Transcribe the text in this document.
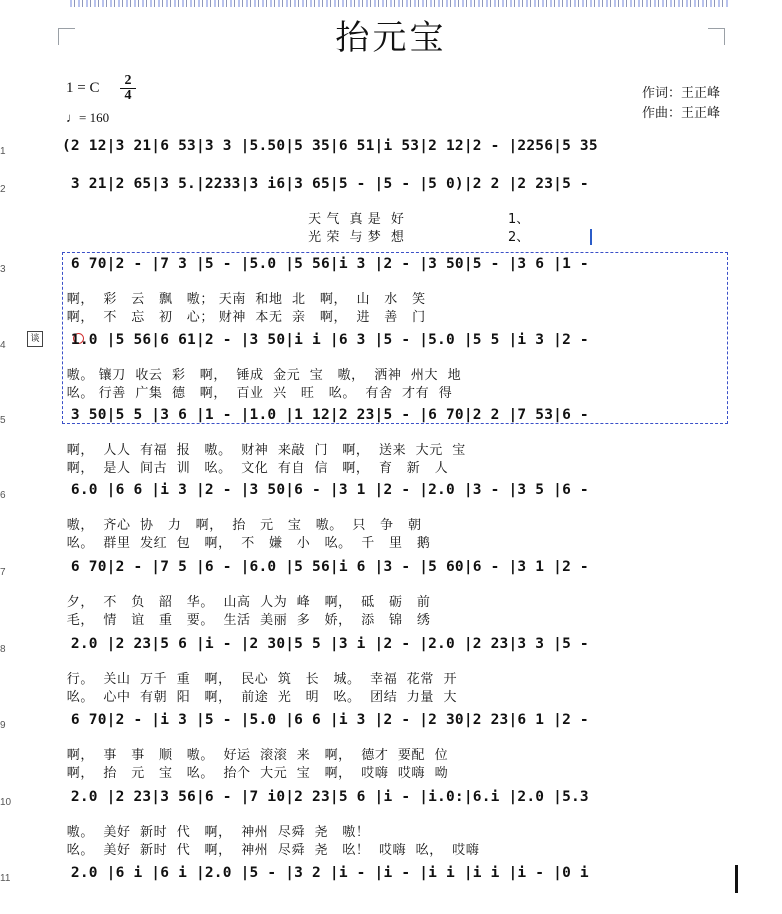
抬元宝
1 = C	2
4
♩= 160
作词：王正峰
作曲：王正峰
谈
1、
2、
1	(2 12|3 21|6 53|3 3 |5.50|5 35|6 51|i 53|2 12|2 - |2256|5 35
2	3 21|2 65|3 5.|2233|3 i6|3 65|5 - |5 - |5 0)|2 2 |2 23|5 -
天 气  真 是  好
光 荣  与 梦  想
3	6 70|2 - |7 3 |5 - |5.0 |5 56|i 3 |2 - |3 50|5 - |3 6 |1 -
啊，  彩   云   飘   嗷； 天南  和地  北   啊，  山   水   笑
啊，  不   忘   初   心； 财神  本无  亲   啊，  进   善   门
4	1.0 |5 56|6 61|2 - |3 50|i i |6 3 |5 - |5.0 |5 5 |i 3 |2 -
嗷。 镶刀  收云  彩   啊，  锤成  金元  宝   嗷，  洒神  州大  地
吆。 行善  广集  德   啊，  百业  兴   旺   吆。  有舍  才有  得
5	3 50|5 5 |3 6 |1 - |1.0 |1 12|2 23|5 - |6 70|2 2 |7 53|6 -
啊，  人人  有福  报   嗷。  财神  来敲  门   啊，  送来  大元  宝
啊，  是人  间古  训   吆。  文化  有自  信   啊，  育   新   人
6	6.0 |6 6 |i 3 |2 - |3 50|6 - |3 1 |2 - |2.0 |3 - |3 5 |6 -
嗷，  齐心  协   力   啊，  抬   元   宝   嗷。  只   争   朝
吆。  群里  发红  包   啊，  不   嫌   小   吆。  千   里   鹅
7	6 70|2 - |7 5 |6 - |6.0 |5 56|i 6 |3 - |5 60|6 - |3 1 |2 -
夕，  不   负   韶   华。  山高  人为  峰   啊，  砥   砺   前
毛，  情   谊   重   要。  生活  美丽  多   娇，  添   锦   绣
8	2.0 |2 23|5 6 |i - |2 30|5 5 |3 i |2 - |2.0 |2 23|3 3 |5 -
行。  关山  万千  重   啊，  民心  筑   长   城。  幸福  花常  开
吆。  心中  有朝  阳   啊，  前途  光   明   吆。  团结  力量  大
9	6 70|2 - |i 3 |5 - |5.0 |6 6 |i 3 |2 - |2 30|2 23|6 1 |2 -
啊，  事   事   顺   嗷。  好运  滚滚  来   啊，  德才  要配  位
啊，  抬   元   宝   吆。  抬个  大元  宝   啊，  哎嗨  哎嗨  呦
10	2.0 |2 23|3 56|6 - |7 i0|2 23|5 6 |i - |i.0:|6.i |2.0 |5.3
嗷。  美好  新时  代   啊，  神州  尽舜  尧   嗷！
吆。  美好  新时  代   啊，  神州  尽舜  尧   吆！  哎嗨  吆，  哎嗨
11	2.0 |6 i |6 i |2.0 |5 - |3 2 |i - |i - |i i |i i |i - |0 i
